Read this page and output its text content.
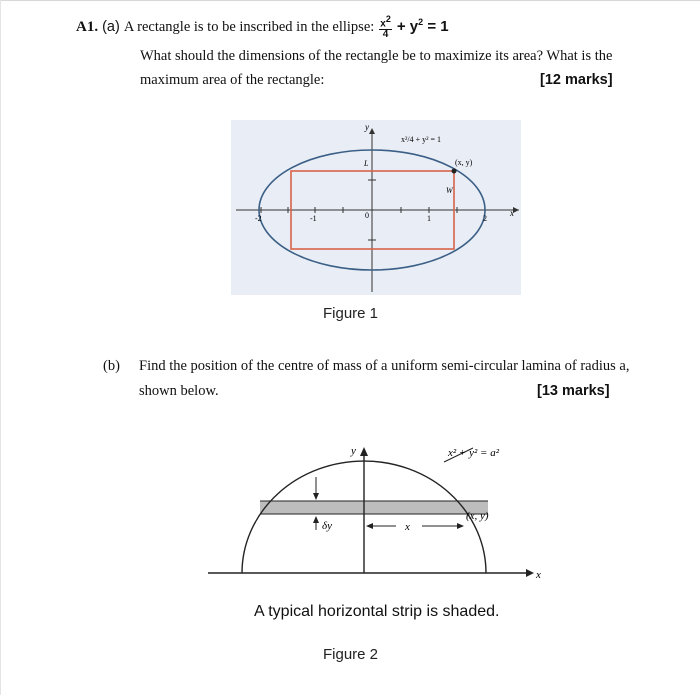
A1. (a) A rectangle is to be inscribed in the ellipse: $\frac{x^2}{4} + y^2 = 1$
What should the dimensions of the rectangle be to maximize its area? What is the
maximum area of the rectangle:	[12 marks]
y
x
x²/4 + y² = 1
(x, y)
L
W
-2	-1	0	1	2
Figure 1
(b) Find the position of the centre of mass of a uniform semi-circular lamina of radius a,
shown below.	[13 marks]
y
x
x² + y² = a²
(x, y)
δy	x
A typical horizontal strip is shaded.
Figure 2
